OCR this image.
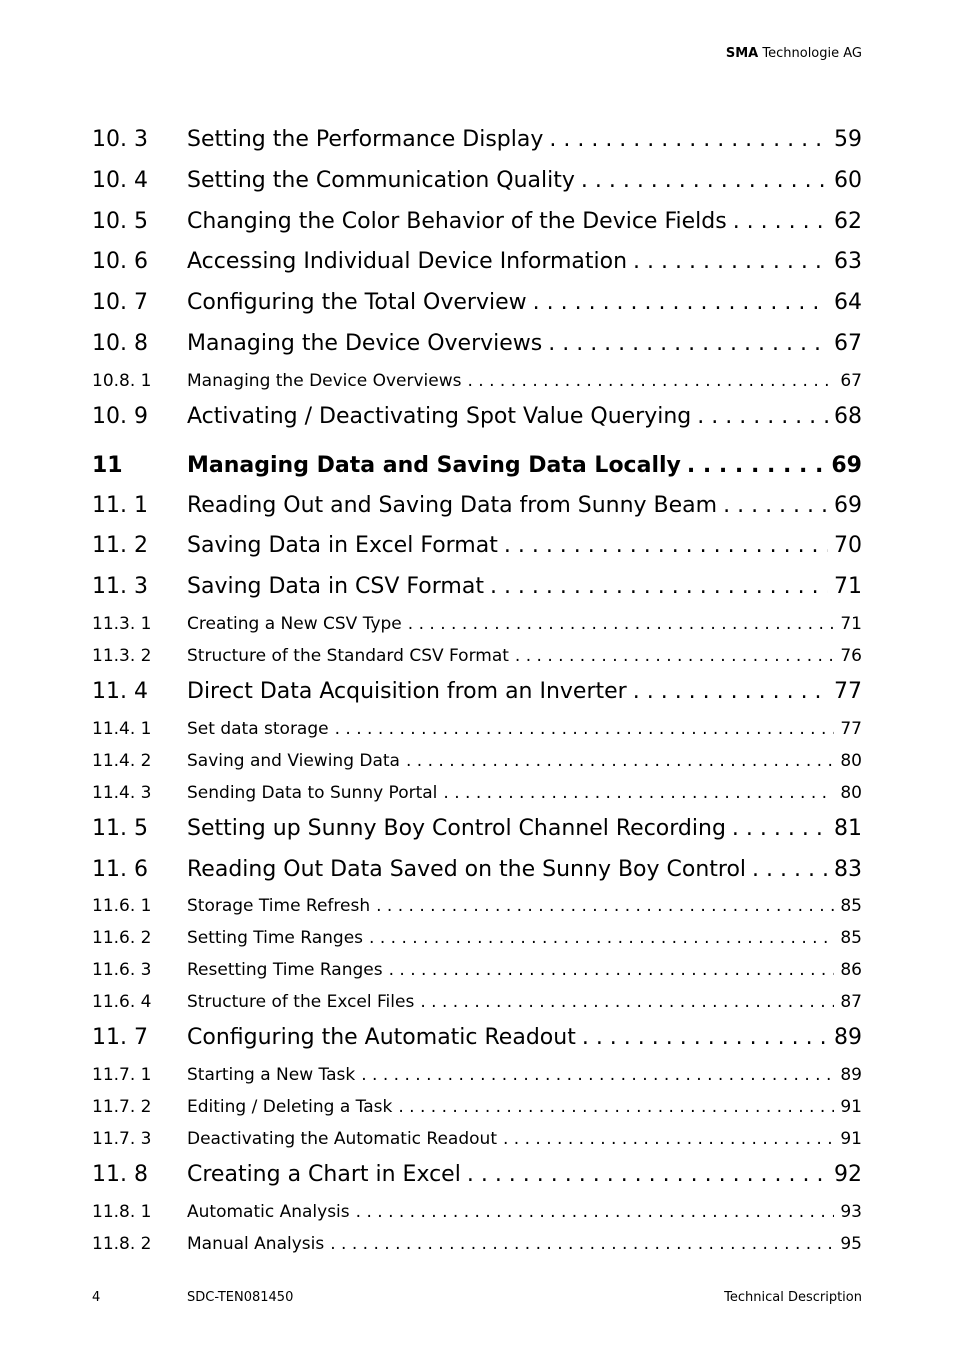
SMA Technologie AG
10. 3	Setting the Performance Display . . .	59
10. 4	Setting the Communication Quality . . .	60
10. 5	Changing the Color Behavior of the Device Fields . . .	62
10. 6	Accessing Individual Device Information . . .	63
10. 7	Configuring the Total Overview . . .	64
10. 8	Managing the Device Overviews . . .	67
10.8. 1	Managing the Device Overviews . . .	67
10. 9	Activating / Deactivating Spot Value Querying . . .	68
11	Managing Data and Saving Data Locally . . .	69
11. 1	Reading Out and Saving Data from Sunny Beam . . .	69
11. 2	Saving Data in Excel Format . . .	70
11. 3	Saving Data in CSV Format . . .	71
11.3. 1	Creating a New CSV Type . . .	71
11.3. 2	Structure of the Standard CSV Format . . .	76
11. 4	Direct Data Acquisition from an Inverter . . .	77
11.4. 1	Set data storage . . .	77
11.4. 2	Saving and Viewing Data . . .	80
11.4. 3	Sending Data to Sunny Portal . . .	80
11. 5	Setting up Sunny Boy Control Channel Recording . . .	81
11. 6	Reading Out Data Saved on the Sunny Boy Control . . .	83
11.6. 1	Storage Time Refresh . . .	85
11.6. 2	Setting Time Ranges . . .	85
11.6. 3	Resetting Time Ranges . . .	86
11.6. 4	Structure of the Excel Files . . .	87
11. 7	Configuring the Automatic Readout . . .	89
11.7. 1	Starting a New Task . . .	89
11.7. 2	Editing / Deleting a Task . . .	91
11.7. 3	Deactivating the Automatic Readout . . .	91
11. 8	Creating a Chart in Excel . . .	92
11.8. 1	Automatic Analysis . . .	93
11.8. 2	Manual Analysis . . .	95
4	SDC-TEN081450	Technical Description
